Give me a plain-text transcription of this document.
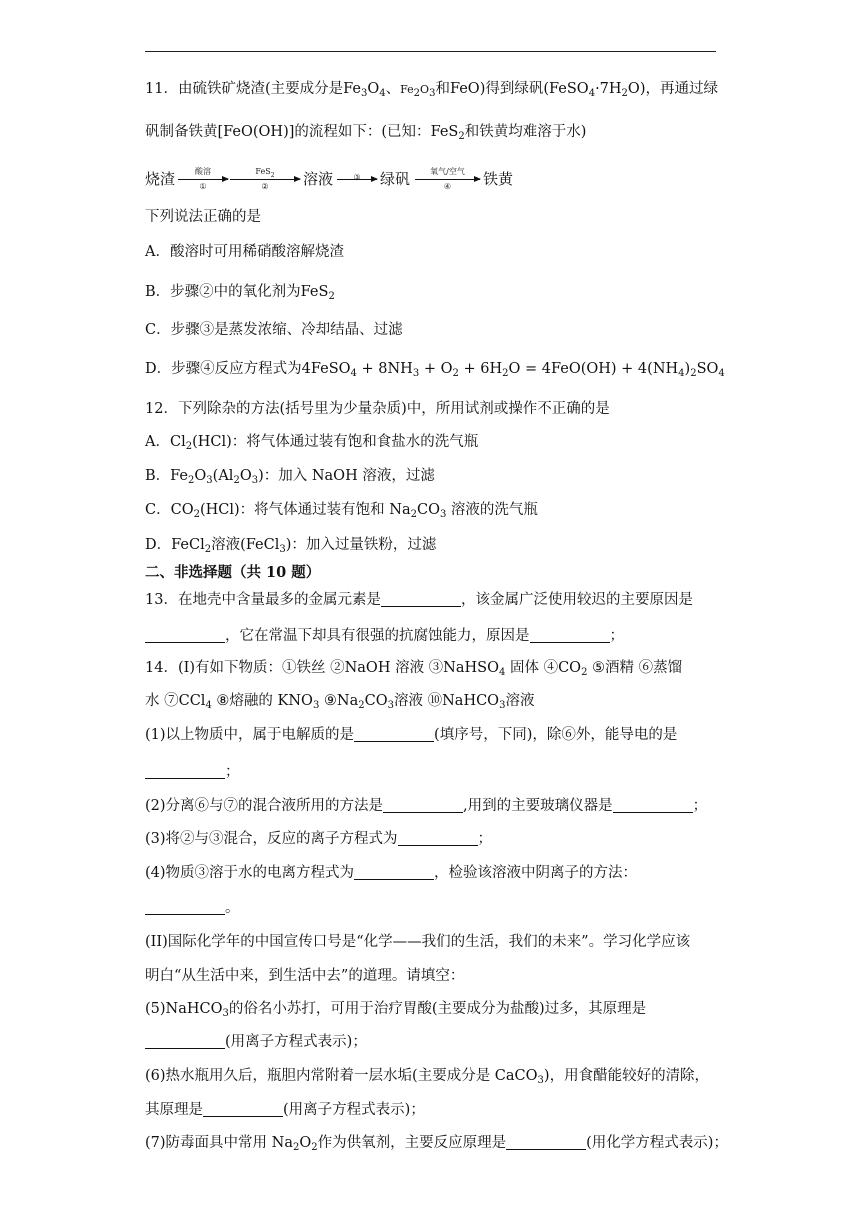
11．由硫铁矿烧渣(主要成分是$Fe_3O_4$、$Fe_2O_3$和FeO)得到绿矾$(FeSO_4\cdot 7H_2O)$，再通过绿
矾制备铁黄[FeO(OH)]的流程如下：(已知：FeS$_2$和铁黄均难溶于水)
烧渣	酸溶
①
FeS$_2$
②	溶液	③	绿矾	氧气/空气
④	铁黄
下列说法正确的是
A．酸溶时可用稀硝酸溶解烧渣
B．步骤②中的氧化剂为FeS$_2$
C．步骤③是蒸发浓缩、冷却结晶、过滤
D．步骤④反应方程式为4FeSO$_4$ + $8NH_3 + O_2 + 6H_2O = 4FeO(OH) + 4(NH_4)_2SO_4$
12．下列除杂的方法(括号里为少量杂质)中，所用试剂或操作不正确的是
A．$Cl_2(HCl)$：将气体通过装有饱和食盐水的洗气瓶
B．$Fe_2O_3(Al_2O_3)$：加入 NaOH 溶液，过滤
C．$CO_2(HCl)$：将气体通过装有饱和 $Na_2CO_3$ 溶液的洗气瓶
D．FeCl$_2$溶液(FeCl$_3$)：加入过量铁粉，过滤
二、非选择题（共 10 题）
13．在地壳中含量最多的金属元素是	，该金属广泛使用较迟的主要原因是
，它在常温下却具有很强的抗腐蚀能力，原因是	；
14．(I)有如下物质：①铁丝 ②NaOH 溶液 ③NaHSO$_4$ 固体 $④CO_2$ ⑤酒精 ⑥蒸馏
水 ⑦CCl$_4$ ⑧熔融的 $KNO_3$ $⑨Na_2CO_3$溶液 ⑩NaHCO$_3$溶液
(1)以上物质中，属于电解质的是	(填序号，下同)，除⑥外，能导电的是
；
(2)分离⑥与⑦的混合液所用的方法是	,用到的主要玻璃仪器是	；
(3)将②与③混合，反应的离子方程式为	；
(4)物质③溶于水的电离方程式为	，检验该溶液中阴离子的方法：
。
(II)国际化学年的中国宣传口号是“化学——我们的生活，我们的未来”。学习化学应该
明白“从生活中来，到生活中去”的道理。请填空：
(5)NaHCO$_3$的俗名小苏打，可用于治疗胃酸(主要成分为盐酸)过多，其原理是
(用离子方程式表示)；
(6)热水瓶用久后，瓶胆内常附着一层水垢(主要成分是 CaCO$_3$)，用食醋能较好的清除，
其原理是	(用离子方程式表示)；
(7)防毒面具中常用 $Na_2O_2$作为供氧剂，主要反应原理是	(用化学方程式表示)；
